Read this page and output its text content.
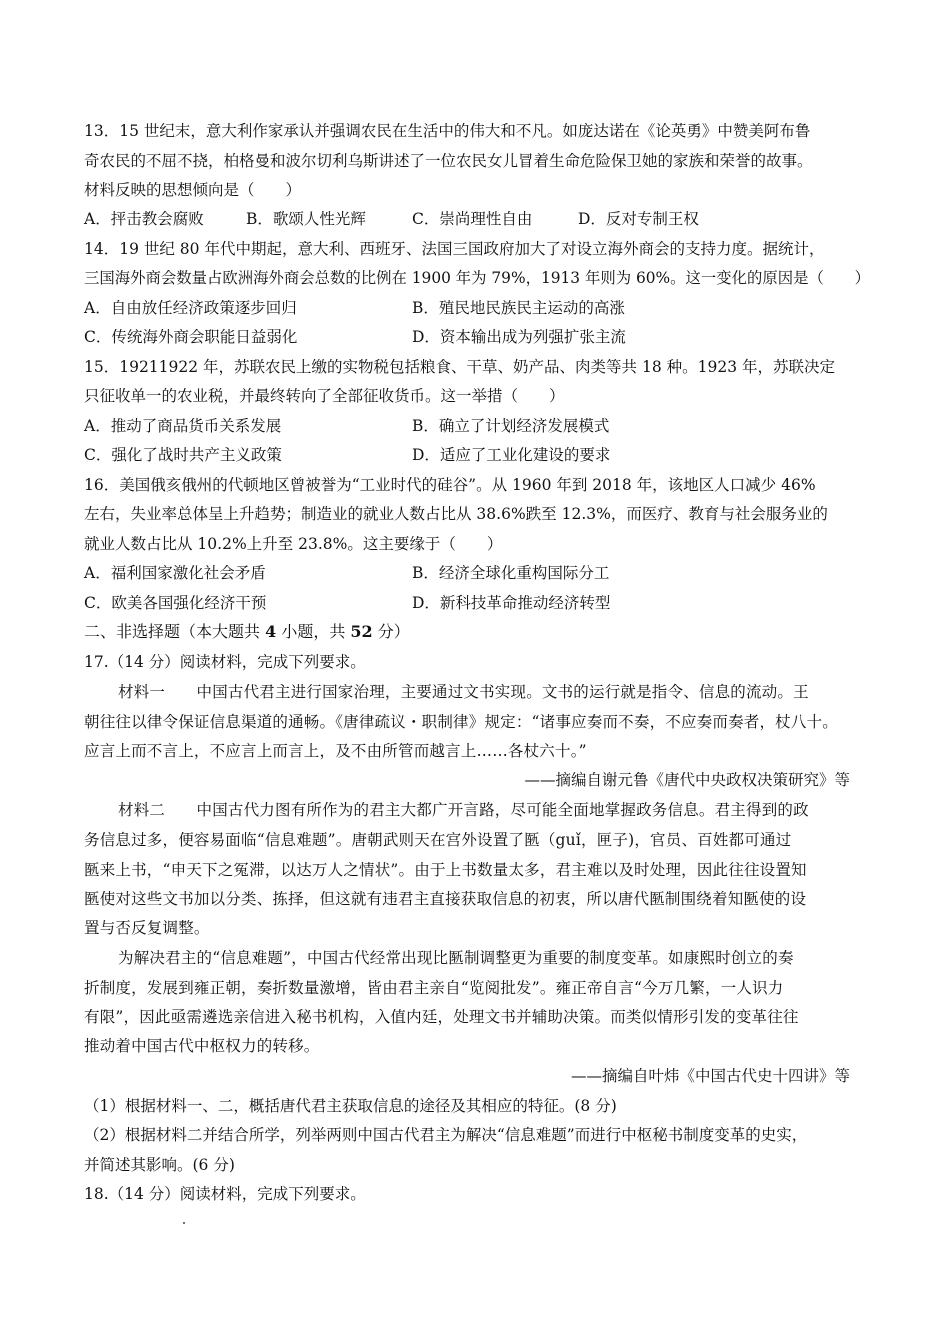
13．15 世纪末，意大利作家承认并强调农民在生活中的伟大和不凡。如庞达诺在《论英勇》中赞美阿布鲁
奇农民的不屈不挠，柏格曼和波尔切利乌斯讲述了一位农民女儿冒着生命危险保卫她的家族和荣誉的故事。
材料反映的思想倾向是（　　）
A．抨击教会腐败	B．歌颂人性光辉	C．崇尚理性自由	D．反对专制王权
14．19 世纪 80 年代中期起，意大利、西班牙、法国三国政府加大了对设立海外商会的支持力度。据统计，
三国海外商会数量占欧洲海外商会总数的比例在 1900 年为 79%，1913 年则为 60%。这一变化的原因是（　　）
A．自由放任经济政策逐步回归	B．殖民地民族民主运动的高涨
C．传统海外商会职能日益弱化	D．资本输出成为列强扩张主流
15．19211922 年，苏联农民上缴的实物税包括粮食、干草、奶产品、肉类等共 18 种。1923 年，苏联决定
只征收单一的农业税，并最终转向了全部征收货币。这一举措（　　）
A．推动了商品货币关系发展	B．确立了计划经济发展模式
C．强化了战时共产主义政策	D．适应了工业化建设的要求
16．美国俄亥俄州的代顿地区曾被誉为“工业时代的硅谷”。从 1960 年到 2018 年，该地区人口减少 46%
左右，失业率总体呈上升趋势；制造业的就业人数占比从 38.6%跌至 12.3%，而医疗、教育与社会服务业的
就业人数占比从 10.2%上升至 23.8%。这主要缘于（　　）
A．福利国家激化社会矛盾	B．经济全球化重构国际分工
C．欧美各国强化经济干预	D．新科技革命推动经济转型
二、非选择题（本大题共 4 小题，共 52 分）
17.（14 分）阅读材料，完成下列要求。
材料一　　中国古代君主进行国家治理，主要通过文书实现。文书的运行就是指令、信息的流动。王
朝往往以律令保证信息渠道的通畅。《唐律疏议・职制律》规定：“诸事应奏而不奏，不应奏而奏者，杖八十。
应言上而不言上，不应言上而言上，及不由所管而越言上……各杖六十。”
——摘编自谢元鲁《唐代中央政权决策研究》等
材料二　　中国古代力图有所作为的君主大都广开言路，尽可能全面地掌握政务信息。君主得到的政
务信息过多，便容易面临“信息难题”。唐朝武则天在宫外设置了匦（guǐ，匣子)，官员、百姓都可通过
匦来上书，“申天下之冤滞，以达万人之情状”。由于上书数量太多，君主难以及时处理，因此往往设置知
匦使对这些文书加以分类、拣择，但这就有违君主直接获取信息的初衷，所以唐代匦制围绕着知匦使的设
置与否反复调整。
为解决君主的“信息难题”，中国古代经常出现比匦制调整更为重要的制度变革。如康熙时创立的奏
折制度，发展到雍正朝，奏折数量激增，皆由君主亲自“览阅批发”。雍正帝自言“今万几繁，一人识力
有限”，因此亟需遴选亲信进入秘书机构，入值内廷，处理文书并辅助决策。而类似情形引发的变革往往
推动着中国古代中枢权力的转移。
——摘编自叶炜《中国古代史十四讲》等
（1）根据材料一、二，概括唐代君主获取信息的途径及其相应的特征。(8 分)
（2）根据材料二并结合所学，列举两则中国古代君主为解决“信息难题”而进行中枢秘书制度变革的史实，
并简述其影响。(6 分)
18.（14 分）阅读材料，完成下列要求。
